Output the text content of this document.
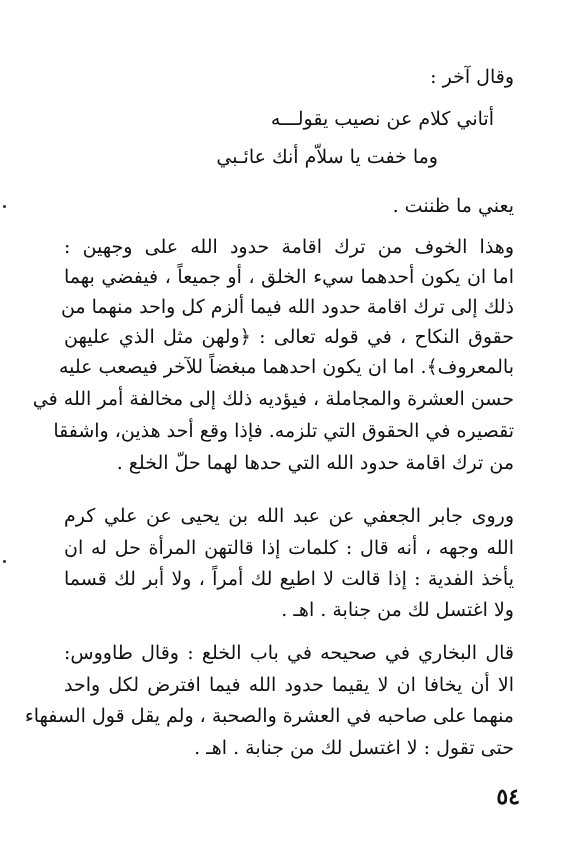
وقال آخر :
أتاني كلام عن نصيب يقولـــه
وما خفت يا سلاّم أنك عائـبي
يعني ما ظننت .
وهذا الخوف من ترك اقامة حدود الله على وجهين :
اما ان يكون أحدهما سيء الخلق ، أو جميعاً ، فيفضي بهما
ذلك إلى ترك اقامة حدود الله فيما ألزم كل واحد منهما من
حقوق النكاح ، في قوله تعالى : ﴿ولهن مثل الذي عليهن
بالمعروف﴾. اما ان يكون احدهما مبغضاً للآخر فيصعب عليه
حسن العشرة والمجاملة ، فيؤديه ذلك إلى مخالفة أمر الله في
تقصيره في الحقوق التي تلزمه. فإذا وقع أحد هذين، واشفقا
من ترك اقامة حدود الله التي حدها لهما حلّ الخلع .
وروى جابر الجعفي عن عبد الله بن يحيى عن علي كرم
الله وجهه ، أنه قال : كلمات إذا قالتهن المرأة حل له ان
يأخذ الفدية : إذا قالت لا اطيع لك أمراً ، ولا أبر لك قسما
ولا اغتسل لك من جنابة . اهـ .
قال البخاري في صحيحه في باب الخلع : وقال طاووس:
الا أن يخافا ان لا يقيما حدود الله فيما افترض لكل واحد
منهما على صاحبه في العشرة والصحبة ، ولم يقل قول السفهاء
حتى تقول : لا اغتسل لك من جنابة . اهـ .
٥٤
